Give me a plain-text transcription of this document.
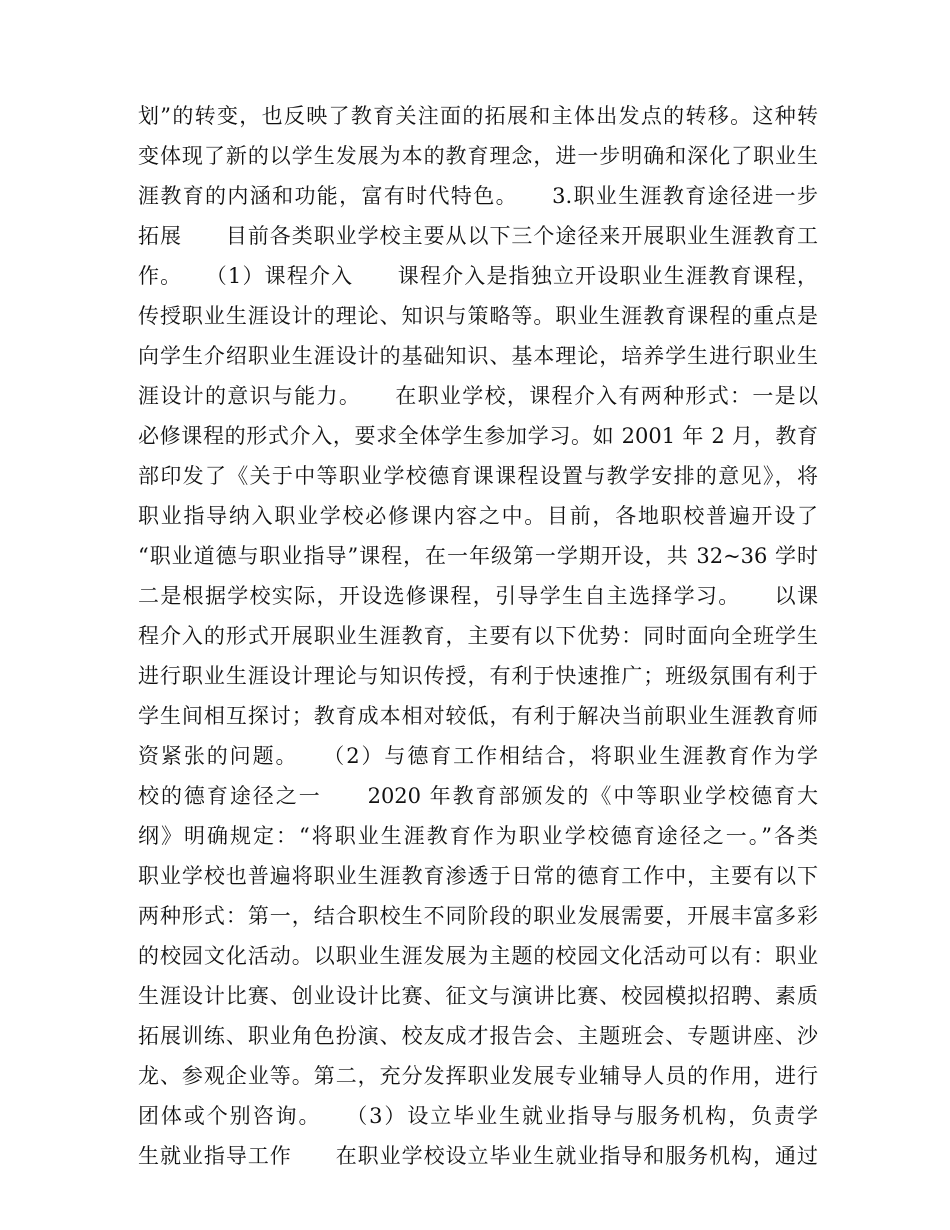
划”的转变，也反映了教育关注面的拓展和主体出发点的转移。这种转
变体现了新的以学生发展为本的教育理念，进一步明确和深化了职业生
涯教育的内涵和功能，富有时代特色。　　3.职业生涯教育途径进一步
拓展　　目前各类职业学校主要从以下三个途径来开展职业生涯教育工
作。　　（1）课程介入　　课程介入是指独立开设职业生涯教育课程，
传授职业生涯设计的理论、知识与策略等。职业生涯教育课程的重点是
向学生介绍职业生涯设计的基础知识、基本理论，培养学生进行职业生
涯设计的意识与能力。　　在职业学校，课程介入有两种形式：一是以
必修课程的形式介入，要求全体学生参加学习。如 2001 年 2 月，教育
部印发了《关于中等职业学校德育课课程设置与教学安排的意见》，将
职业指导纳入职业学校必修课内容之中。目前，各地职校普遍开设了
“职业道德与职业指导”课程，在一年级第一学期开设，共 32~36 学时
二是根据学校实际，开设选修课程，引导学生自主选择学习。　　以课
程介入的形式开展职业生涯教育，主要有以下优势：同时面向全班学生
进行职业生涯设计理论与知识传授，有利于快速推广；班级氛围有利于
学生间相互探讨；教育成本相对较低，有利于解决当前职业生涯教育师
资紧张的问题。　　（2）与德育工作相结合，将职业生涯教育作为学
校的德育途径之一　　2020 年教育部颁发的《中等职业学校德育大
纲》明确规定：“将职业生涯教育作为职业学校德育途径之一。”各类
职业学校也普遍将职业生涯教育渗透于日常的德育工作中，主要有以下
两种形式：第一，结合职校生不同阶段的职业发展需要，开展丰富多彩
的校园文化活动。以职业生涯发展为主题的校园文化活动可以有：职业
生涯设计比赛、创业设计比赛、征文与演讲比赛、校园模拟招聘、素质
拓展训练、职业角色扮演、校友成才报告会、主题班会、专题讲座、沙
龙、参观企业等。第二，充分发挥职业发展专业辅导人员的作用，进行
团体或个别咨询。　　（3）设立毕业生就业指导与服务机构，负责学
生就业指导工作　　在职业学校设立毕业生就业指导和服务机构，通过
